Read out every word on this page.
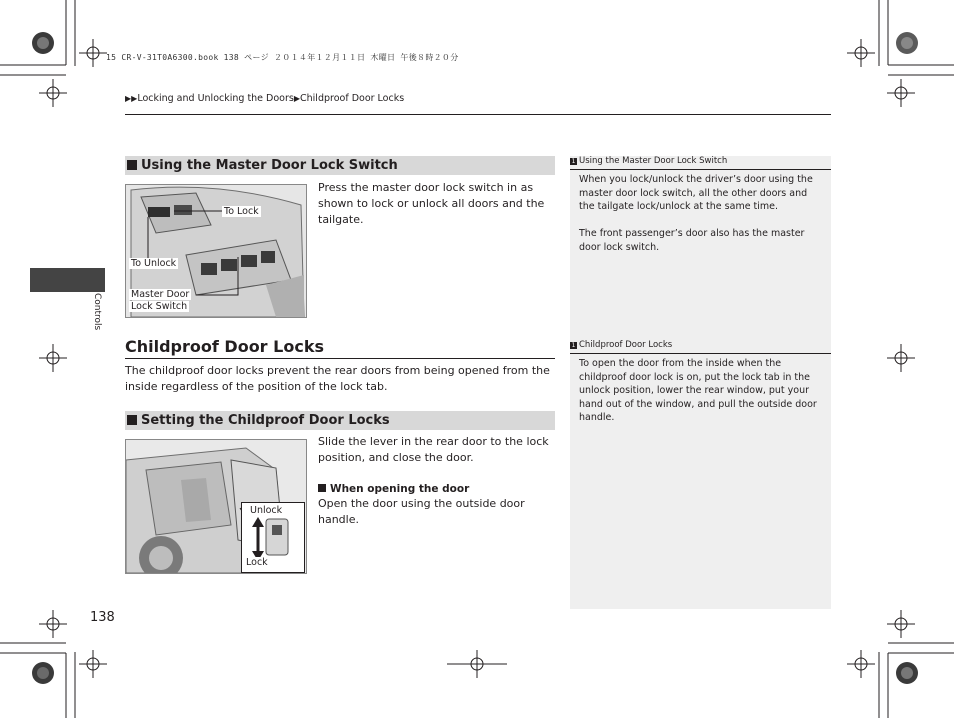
15 CR-V-31T0A6300.book 138 ページ ２０１４年１２月１１日 木曜日 午後８時２０分
▶▶Locking and Unlocking the Doors▶Childproof Door Locks
Controls
Using the Master Door Lock Switch
To Lock
To Unlock
Master Door
Lock Switch
Press the master door lock switch in as shown to lock or unlock all doors and the tailgate.
Childproof Door Locks
The childproof door locks prevent the rear doors from being opened from the inside regardless of the position of the lock tab.
Setting the Childproof Door Locks
Unlock
Lock
Slide the lever in the rear door to the lock position, and close the door.
When opening the door
Open the door using the outside door handle.
1 Using the Master Door Lock Switch
When you lock/unlock the driver’s door using the master door lock switch, all the other doors and the tailgate lock/unlock at the same time.
The front passenger’s door also has the master door lock switch.
1 Childproof Door Locks
To open the door from the inside when the childproof door lock is on, put the lock tab in the unlock position, lower the rear window, put your hand out of the window, and pull the outside door handle.
138
